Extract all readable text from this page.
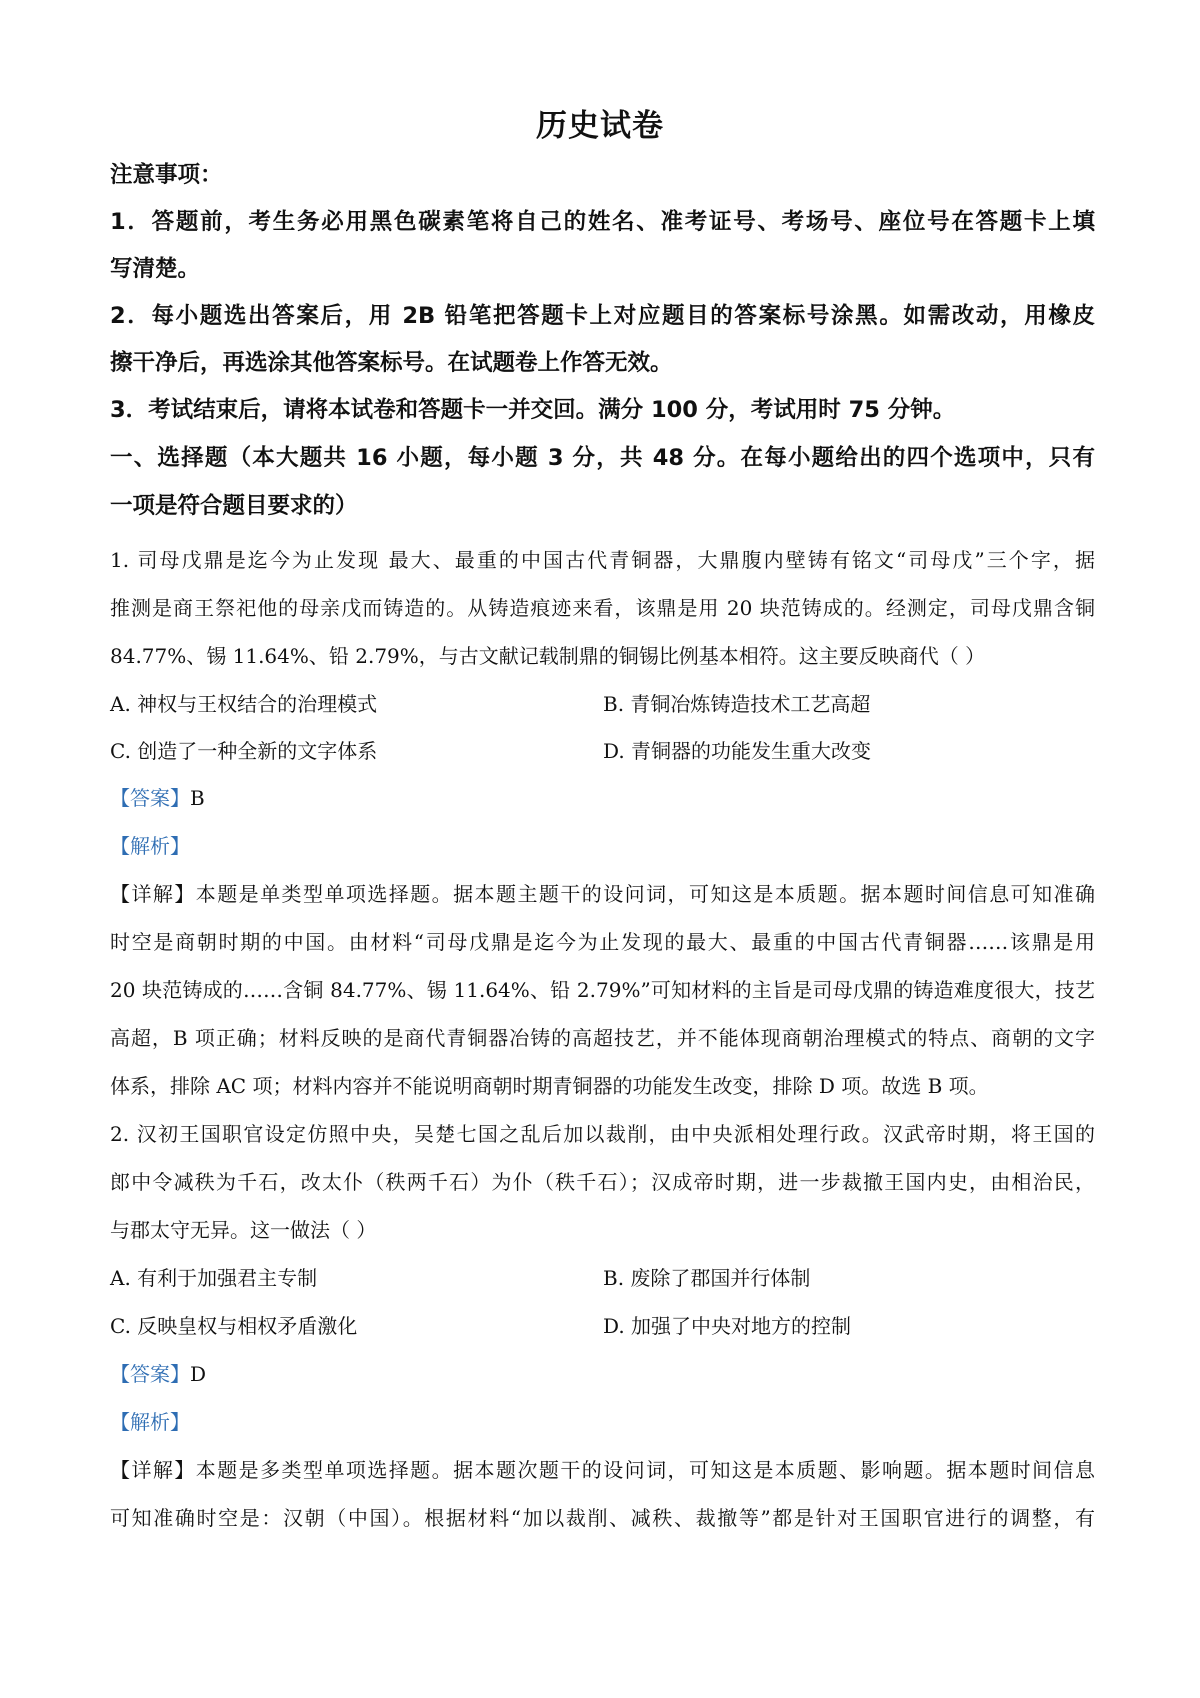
历史试卷
注意事项：
1．答题前，考生务必用黑色碳素笔将自己的姓名、准考证号、考场号、座位号在答题卡上填
写清楚。
2．每小题选出答案后，用 2B 铅笔把答题卡上对应题目的答案标号涂黑。如需改动，用橡皮
擦干净后，再选涂其他答案标号。在试题卷上作答无效。
3．考试结束后，请将本试卷和答题卡一并交回。满分 100 分，考试用时 75 分钟。
一、选择题（本大题共 16 小题，每小题 3 分，共 48 分。在每小题给出的四个选项中，只有
一项是符合题目要求的）
1. 司母戊鼎是迄今为止发现 最大、最重的中国古代青铜器，大鼎腹内壁铸有铭文“司母戊”三个字，据
推测是商王祭祀他的母亲戊而铸造的。从铸造痕迹来看，该鼎是用 20 块范铸成的。经测定，司母戊鼎含铜
84.77%、锡 11.64%、铅 2.79%，与古文献记载制鼎的铜锡比例基本相符。这主要反映商代（ ）
A. 神权与王权结合的治理模式	B. 青铜冶炼铸造技术工艺高超
C. 创造了一种全新的文字体系	D. 青铜器的功能发生重大改变
【答案】B
【解析】
【详解】本题是单类型单项选择题。据本题主题干的设问词，可知这是本质题。据本题时间信息可知准确
时空是商朝时期的中国。由材料“司母戊鼎是迄今为止发现的最大、最重的中国古代青铜器……该鼎是用
20 块范铸成的……含铜 84.77%、锡 11.64%、铅 2.79%”可知材料的主旨是司母戊鼎的铸造难度很大，技艺
高超，B 项正确；材料反映的是商代青铜器冶铸的高超技艺，并不能体现商朝治理模式的特点、商朝的文字
体系，排除 AC 项；材料内容并不能说明商朝时期青铜器的功能发生改变，排除 D 项。故选 B 项。
2. 汉初王国职官设定仿照中央，吴楚七国之乱后加以裁削，由中央派相处理行政。汉武帝时期，将王国的
郎中令减秩为千石，改太仆（秩两千石）为仆（秩千石）；汉成帝时期，进一步裁撤王国内史，由相治民，
与郡太守无异。这一做法（ ）
A. 有利于加强君主专制	B. 废除了郡国并行体制
C. 反映皇权与相权矛盾激化	D. 加强了中央对地方的控制
【答案】D
【解析】
【详解】本题是多类型单项选择题。据本题次题干的设问词，可知这是本质题、影响题。据本题时间信息
可知准确时空是：汉朝（中国）。根据材料“加以裁削、减秩、裁撤等”都是针对王国职官进行的调整，有
